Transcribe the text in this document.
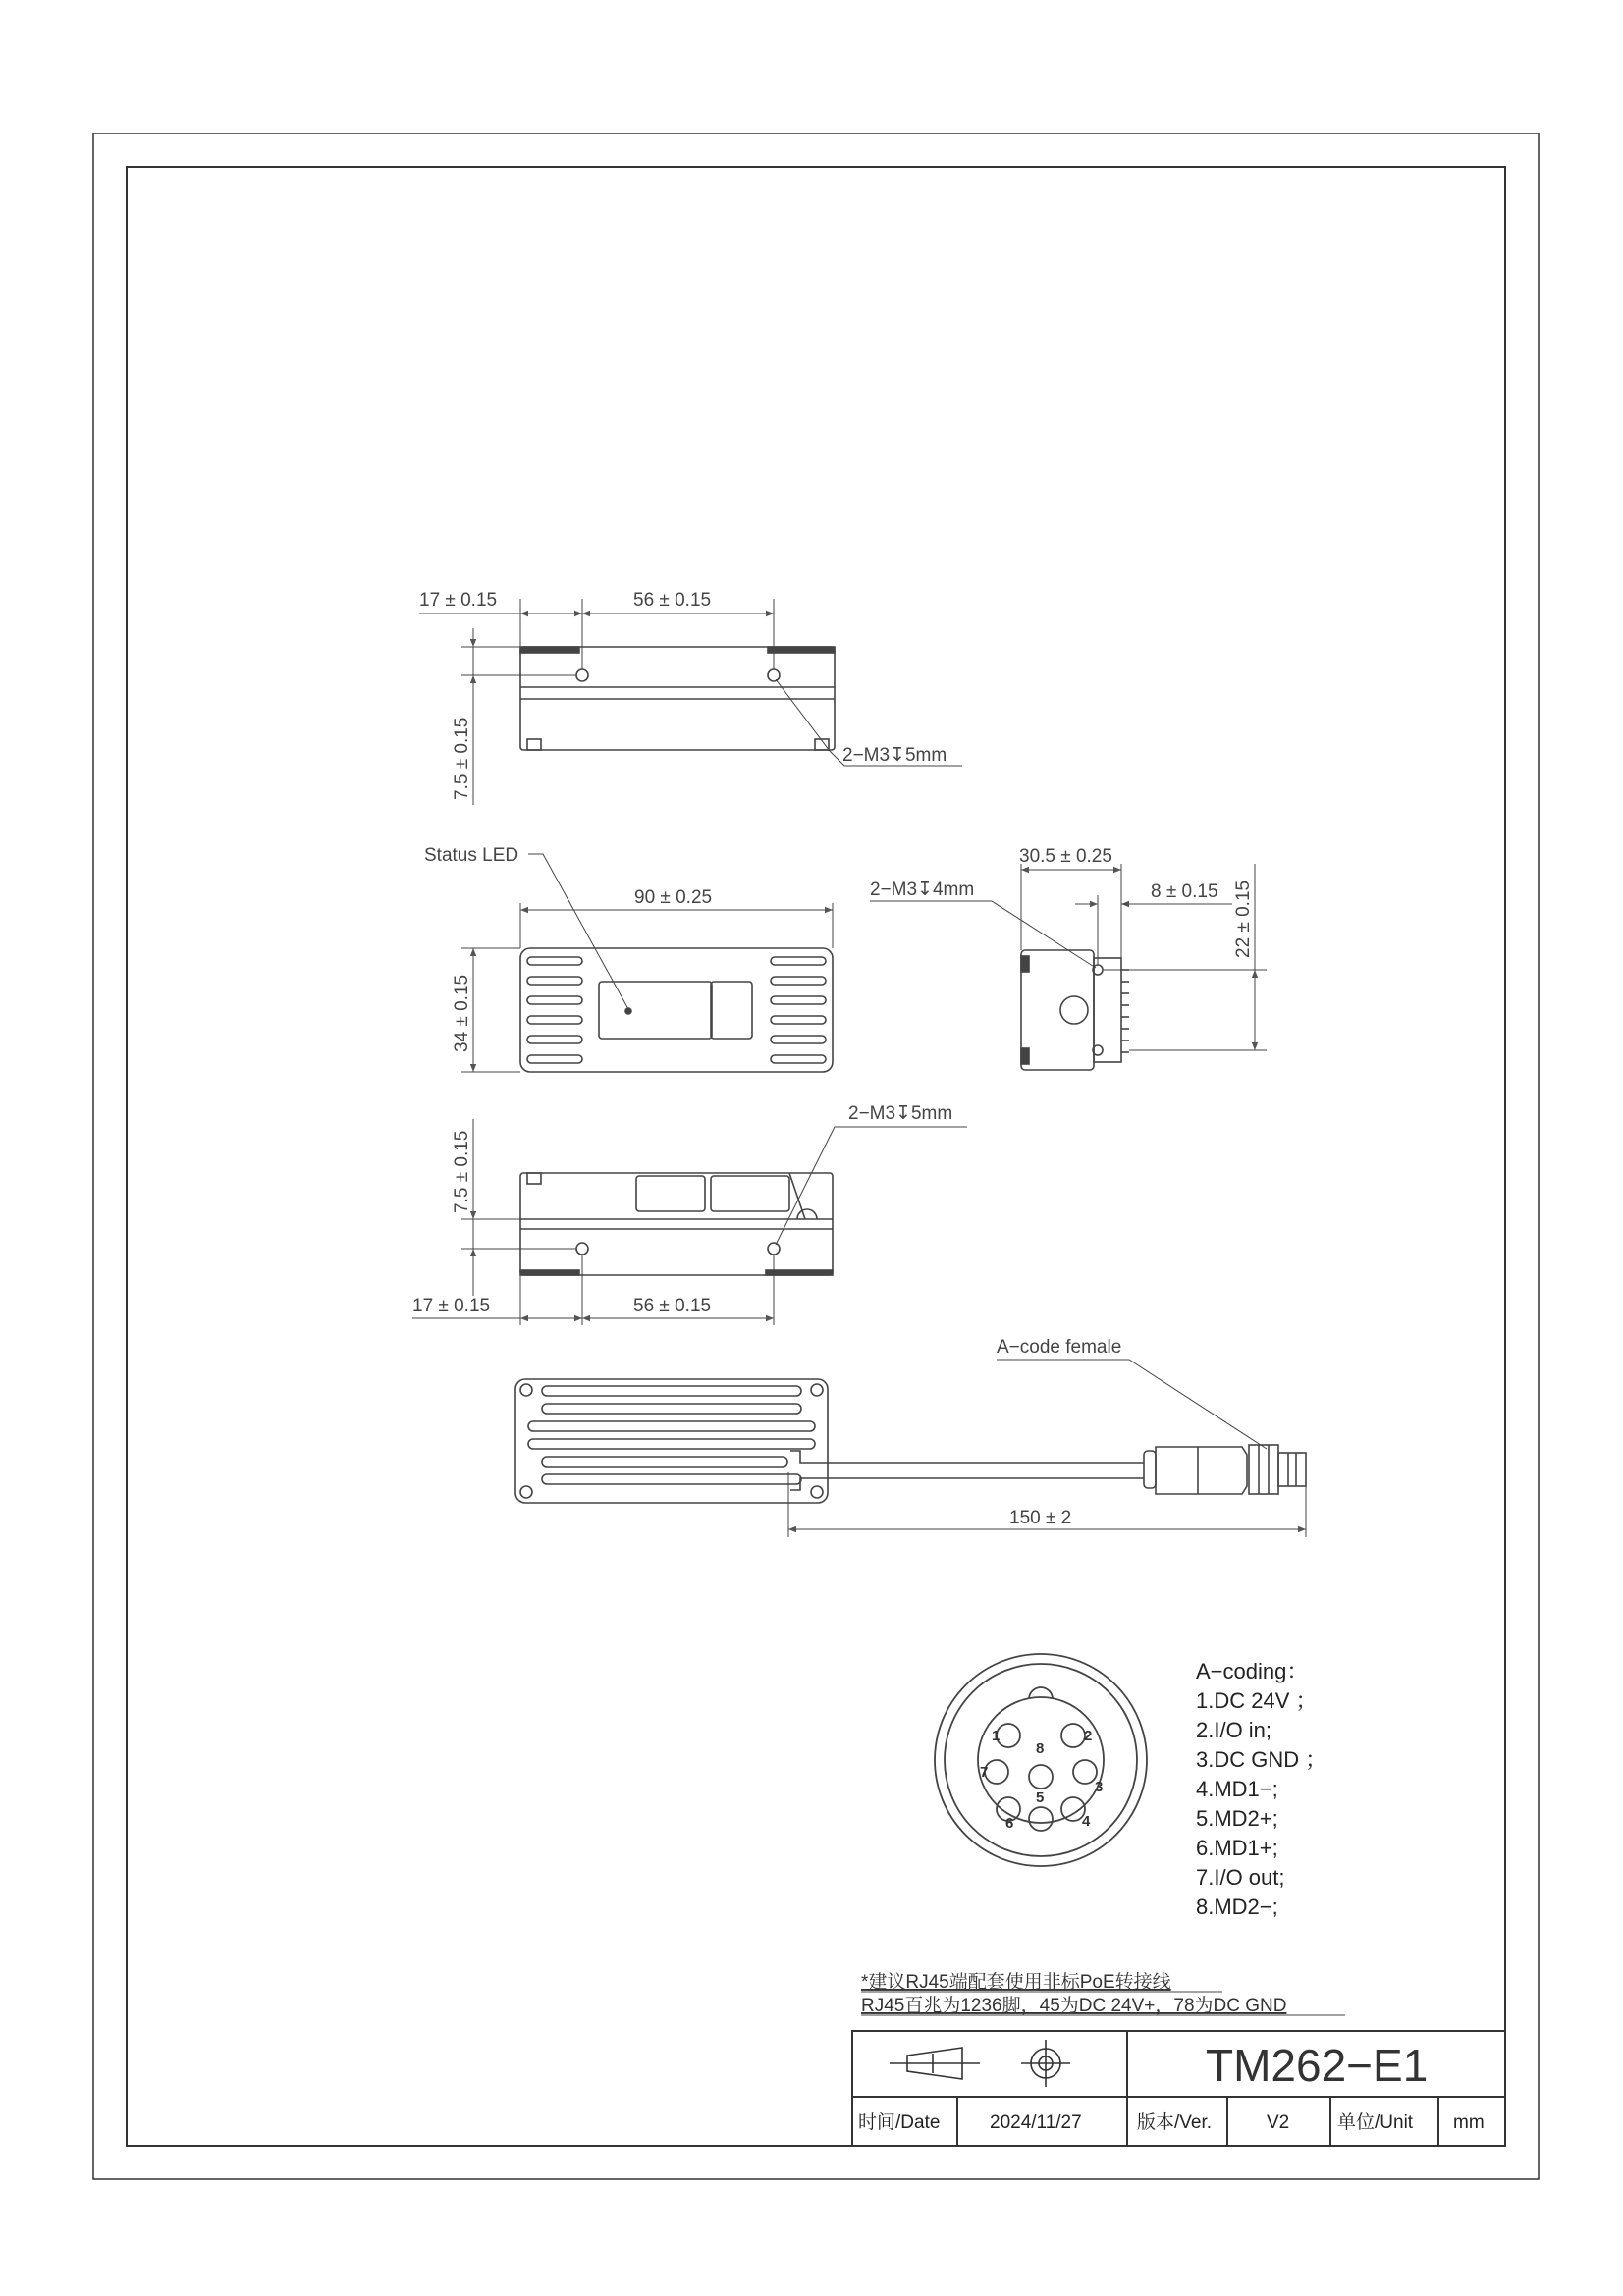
17 ± 0.15	56 ± 0.15
7.5 ± 0.15	2−M3↧5mm
Status LED
90 ± 0.25
34 ± 0.15
2−M3↧4mm
30.5 ± 0.25
8 ± 0.15 22 ± 0.15
2−M3↧5mm
7.5 ± 0.15
17 ± 0.15	56 ± 0.15
A−code female
150 ± 2
1	2
3
4
5
6
7
8
A−coding：
1.DC 24V ；
2.I/O in;
3.DC GND ；
4.MD1−;
5.MD2+;
6.MD1+;
7.I/O out;
8.MD2−;
*建议RJ45端配套使用非标PoE转接线
RJ45百兆为1236脚，45为DC 24V+，78为DC GND
TM262−E1
时间/Date	2024/11/27	版本/Ver.	V2	单位/Unit mm
